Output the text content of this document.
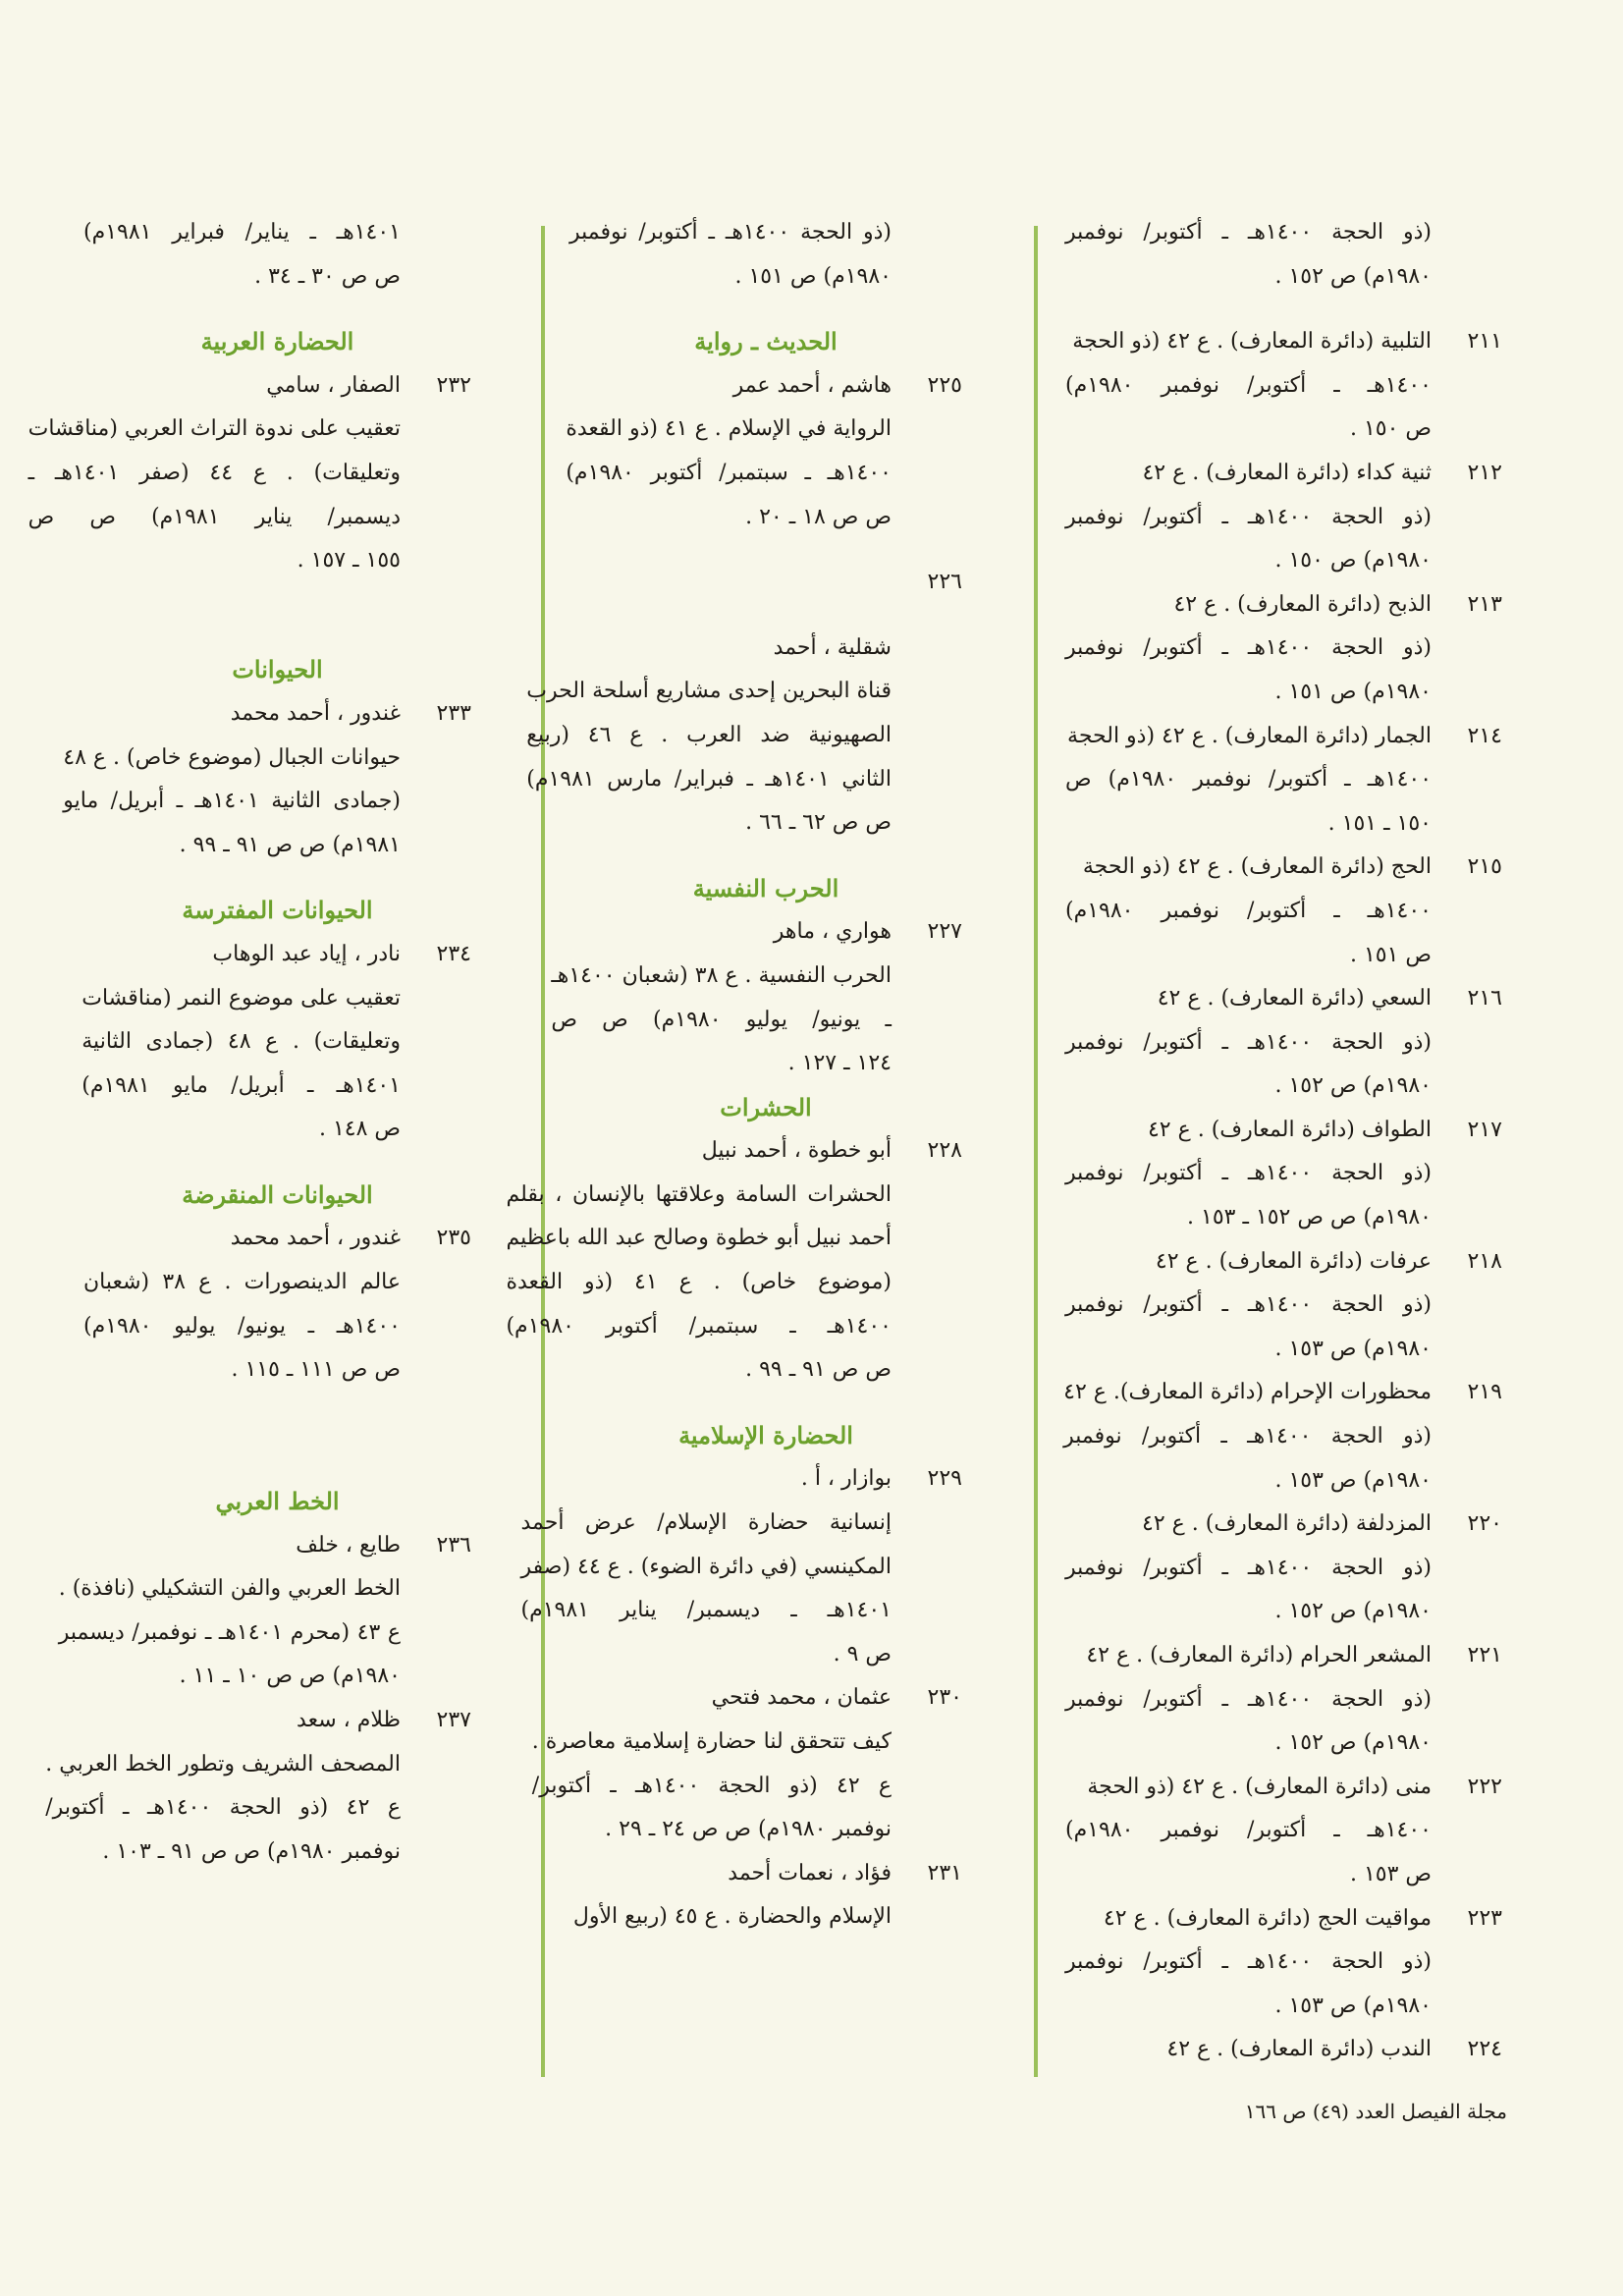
(ذو الحجة ١٤٠٠هـ ـ أكتوبر/ نوفمبر
١٩٨٠م) ص ١٥٢ .
٢١١
التلبية (دائرة المعارف) . ع ٤٢ (ذو الحجة
١٤٠٠هـ ـ أكتوبر/ نوفمبر ١٩٨٠م)
ص ١٥٠ .
٢١٢
ثنية كداء (دائرة المعارف) . ع ٤٢
(ذو الحجة ١٤٠٠هـ ـ أكتوبر/ نوفمبر
١٩٨٠م) ص ١٥٠ .
٢١٣
الذبح (دائرة المعارف) . ع ٤٢
(ذو الحجة ١٤٠٠هـ ـ أكتوبر/ نوفمبر
١٩٨٠م) ص ١٥١ .
٢١٤
الجمار (دائرة المعارف) . ع ٤٢ (ذو الحجة
١٤٠٠هـ ـ أكتوبر/ نوفمبر ١٩٨٠م) ص
١٥٠ ـ ١٥١ .
٢١٥
الحج (دائرة المعارف) . ع ٤٢ (ذو الحجة
١٤٠٠هـ ـ أكتوبر/ نوفمبر ١٩٨٠م)
ص ١٥١ .
٢١٦
السعي (دائرة المعارف) . ع ٤٢
(ذو الحجة ١٤٠٠هـ ـ أكتوبر/ نوفمبر
١٩٨٠م) ص ١٥٢ .
٢١٧
الطواف (دائرة المعارف) . ع ٤٢
(ذو الحجة ١٤٠٠هـ ـ أكتوبر/ نوفمبر
١٩٨٠م) ص ص ١٥٢ ـ ١٥٣ .
٢١٨
عرفات (دائرة المعارف) . ع ٤٢
(ذو الحجة ١٤٠٠هـ ـ أكتوبر/ نوفمبر
١٩٨٠م) ص ١٥٣ .
٢١٩
محظورات الإحرام (دائرة المعارف). ع ٤٢
(ذو الحجة ١٤٠٠هـ ـ أكتوبر/ نوفمبر
١٩٨٠م) ص ١٥٣ .
٢٢٠
المزدلفة (دائرة المعارف) . ع ٤٢
(ذو الحجة ١٤٠٠هـ ـ أكتوبر/ نوفمبر
١٩٨٠م) ص ١٥٢ .
٢٢١
المشعر الحرام (دائرة المعارف) . ع ٤٢
(ذو الحجة ١٤٠٠هـ ـ أكتوبر/ نوفمبر
١٩٨٠م) ص ١٥٢ .
٢٢٢
منى (دائرة المعارف) . ع ٤٢ (ذو الحجة
١٤٠٠هـ ـ أكتوبر/ نوفمبر ١٩٨٠م)
ص ١٥٣ .
٢٢٣
مواقيت الحج (دائرة المعارف) . ع ٤٢
(ذو الحجة ١٤٠٠هـ ـ أكتوبر/ نوفمبر
١٩٨٠م) ص ١٥٣ .
٢٢٤
الندب (دائرة المعارف) . ع ٤٢
(ذو الحجة ١٤٠٠هـ ـ أكتوبر/ نوفمبر
١٩٨٠م) ص ١٥١ .
الحديث ـ رواية
٢٢٥
هاشم ، أحمد عمر
الرواية في الإسلام . ع ٤١ (ذو القعدة
١٤٠٠هـ ـ سبتمبر/ أكتوبر ١٩٨٠م)
ص ص ١٨ ـ ٢٠ .
٢٢٦
شقلية ، أحمد
قناة البحرين إحدى مشاريع أسلحة الحرب
الصهيونية ضد العرب . ع ٤٦ (ربيع
الثاني ١٤٠١هـ ـ فبراير/ مارس ١٩٨١م)
ص ص ٦٢ ـ ٦٦ .
الحرب النفسية
٢٢٧
هواري ، ماهر
الحرب النفسية . ع ٣٨ (شعبان ١٤٠٠هـ
ـ يونيو/ يوليو ١٩٨٠م) ص ص
١٢٤ ـ ١٢٧ .
الحشرات
٢٢٨
أبو خطوة ، أحمد نبيل
الحشرات السامة وعلاقتها بالإنسان ، بقلم
أحمد نبيل أبو خطوة وصالح عبد الله باعظيم
(موضوع خاص) . ع ٤١ (ذو القعدة
١٤٠٠هـ ـ سبتمبر/ أكتوبر ١٩٨٠م)
ص ص ٩١ ـ ٩٩ .
الحضارة الإسلامية
٢٢٩
بوازار ، أ .
إنسانية حضارة الإسلام/ عرض أحمد
المكينسي (في دائرة الضوء) . ع ٤٤ (صفر
١٤٠١هـ ـ ديسمبر/ يناير ١٩٨١م)
ص ٩ .
٢٣٠
عثمان ، محمد فتحي
كيف تتحقق لنا حضارة إسلامية معاصرة .
ع ٤٢ (ذو الحجة ١٤٠٠هـ ـ أكتوبر/
نوفمبر ١٩٨٠م) ص ص ٢٤ ـ ٢٩ .
٢٣١
فؤاد ، نعمات أحمد
الإسلام والحضارة . ع ٤٥ (ربيع الأول
١٤٠١هـ ـ يناير/ فبراير ١٩٨١م)
ص ص ٣٠ ـ ٣٤ .
الحضارة العربية
٢٣٢
الصفار ، سامي
تعقيب على ندوة التراث العربي (مناقشات
وتعليقات) . ع ٤٤ (صفر ١٤٠١هـ ـ
ديسمبر/ يناير ١٩٨١م) ص ص
١٥٥ ـ ١٥٧ .
الحيوانات
٢٣٣
غندور ، أحمد محمد
حيوانات الجبال (موضوع خاص) . ع ٤٨
(جمادى الثانية ١٤٠١هـ ـ أبريل/ مايو
١٩٨١م) ص ص ٩١ ـ ٩٩ .
الحيوانات المفترسة
٢٣٤
نادر ، إياد عبد الوهاب
تعقيب على موضوع النمر (مناقشات
وتعليقات) . ع ٤٨ (جمادى الثانية
١٤٠١هـ ـ أبريل/ مايو ١٩٨١م)
ص ١٤٨ .
الحيوانات المنقرضة
٢٣٥
غندور ، أحمد محمد
عالم الدينصورات . ع ٣٨ (شعبان
١٤٠٠هـ ـ يونيو/ يوليو ١٩٨٠م)
ص ص ١١١ ـ ١١٥ .
الخط العربي
٢٣٦
طايع ، خلف
الخط العربي والفن التشكيلي (نافذة) .
ع ٤٣ (محرم ١٤٠١هـ ـ نوفمبر/ ديسمبر
١٩٨٠م) ص ص ١٠ ـ ١١ .
٢٣٧
ظلام ، سعد
المصحف الشريف وتطور الخط العربي .
ع ٤٢ (ذو الحجة ١٤٠٠هـ ـ أكتوبر/
نوفمبر ١٩٨٠م) ص ص ٩١ ـ ١٠٣ .
مجلة الفيصل العدد (٤٩) ص ١٦٦
